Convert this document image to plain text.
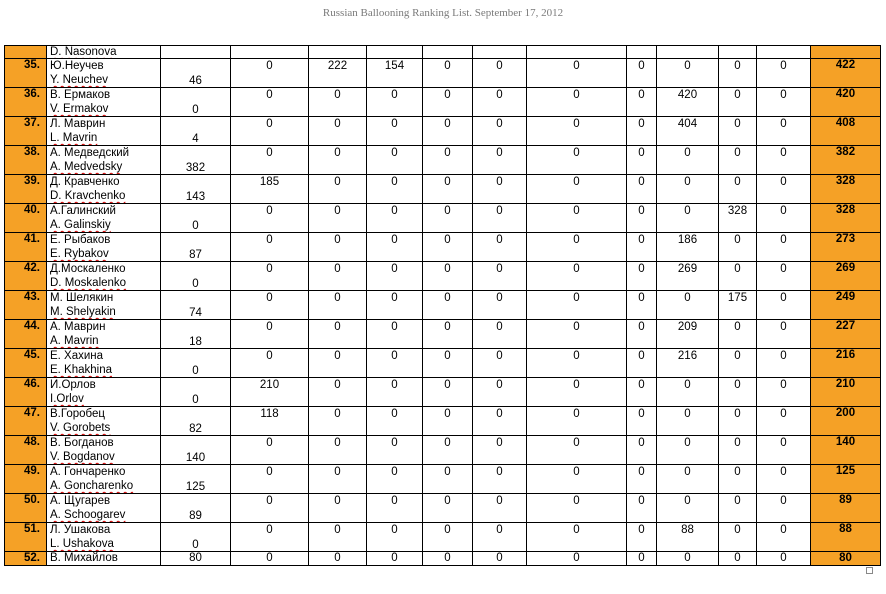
Russian Ballooning Ranking List. September 17, 2012

	D. Nasonova												

35.	Ю.Неучев
Y. Neuchev	46	0	222	154	0	0	0	0	0	0	0	422
36.	В. Ермаков
V. Ermakov	0	0	0	0	0	0	0	0	420	0	0	420
37.	Л. Маврин
L. Mavrin	4	0	0	0	0	0	0	0	404	0	0	408
38.	А. Медведский
A. Medvedsky	382	0	0	0	0	0	0	0	0	0	0	382
39.	Д. Кравченко
D. Kravchenko	143	185	0	0	0	0	0	0	0	0	0	328
40.	А.Галинский
A. Galinskiy	0	0	0	0	0	0	0	0	0	328	0	328
41.	Е. Рыбаков
E. Rybakov	87	0	0	0	0	0	0	0	186	0	0	273
42.	Д.Москаленко
D. Moskalenko	0	0	0	0	0	0	0	0	269	0	0	269
43.	М. Шелякин
M. Shelyakin	74	0	0	0	0	0	0	0	0	175	0	249
44.	А. Маврин
A. Mavrin	18	0	0	0	0	0	0	0	209	0	0	227
45.	Е. Хахина
E. Khakhina	0	0	0	0	0	0	0	0	216	0	0	216
46.	И.Орлов
I.Orlov	0	210	0	0	0	0	0	0	0	0	0	210
47.	В.Горобец
V. Gorobets	82	118	0	0	0	0	0	0	0	0	0	200
48.	В. Богданов
V. Bogdanov	140	0	0	0	0	0	0	0	0	0	0	140
49.	А. Гончаренко
A. Goncharenko	125	0	0	0	0	0	0	0	0	0	0	125
50.	А. Щугарев
A. Schoogarev	89	0	0	0	0	0	0	0	0	0	0	89
51.	Л. Ушакова
L. Ushakova	0	0	0	0	0	0	0	0	88	0	0	88
52.	В. Михайлов	80	0	0	0	0	0	0	0	0	0	0	80
